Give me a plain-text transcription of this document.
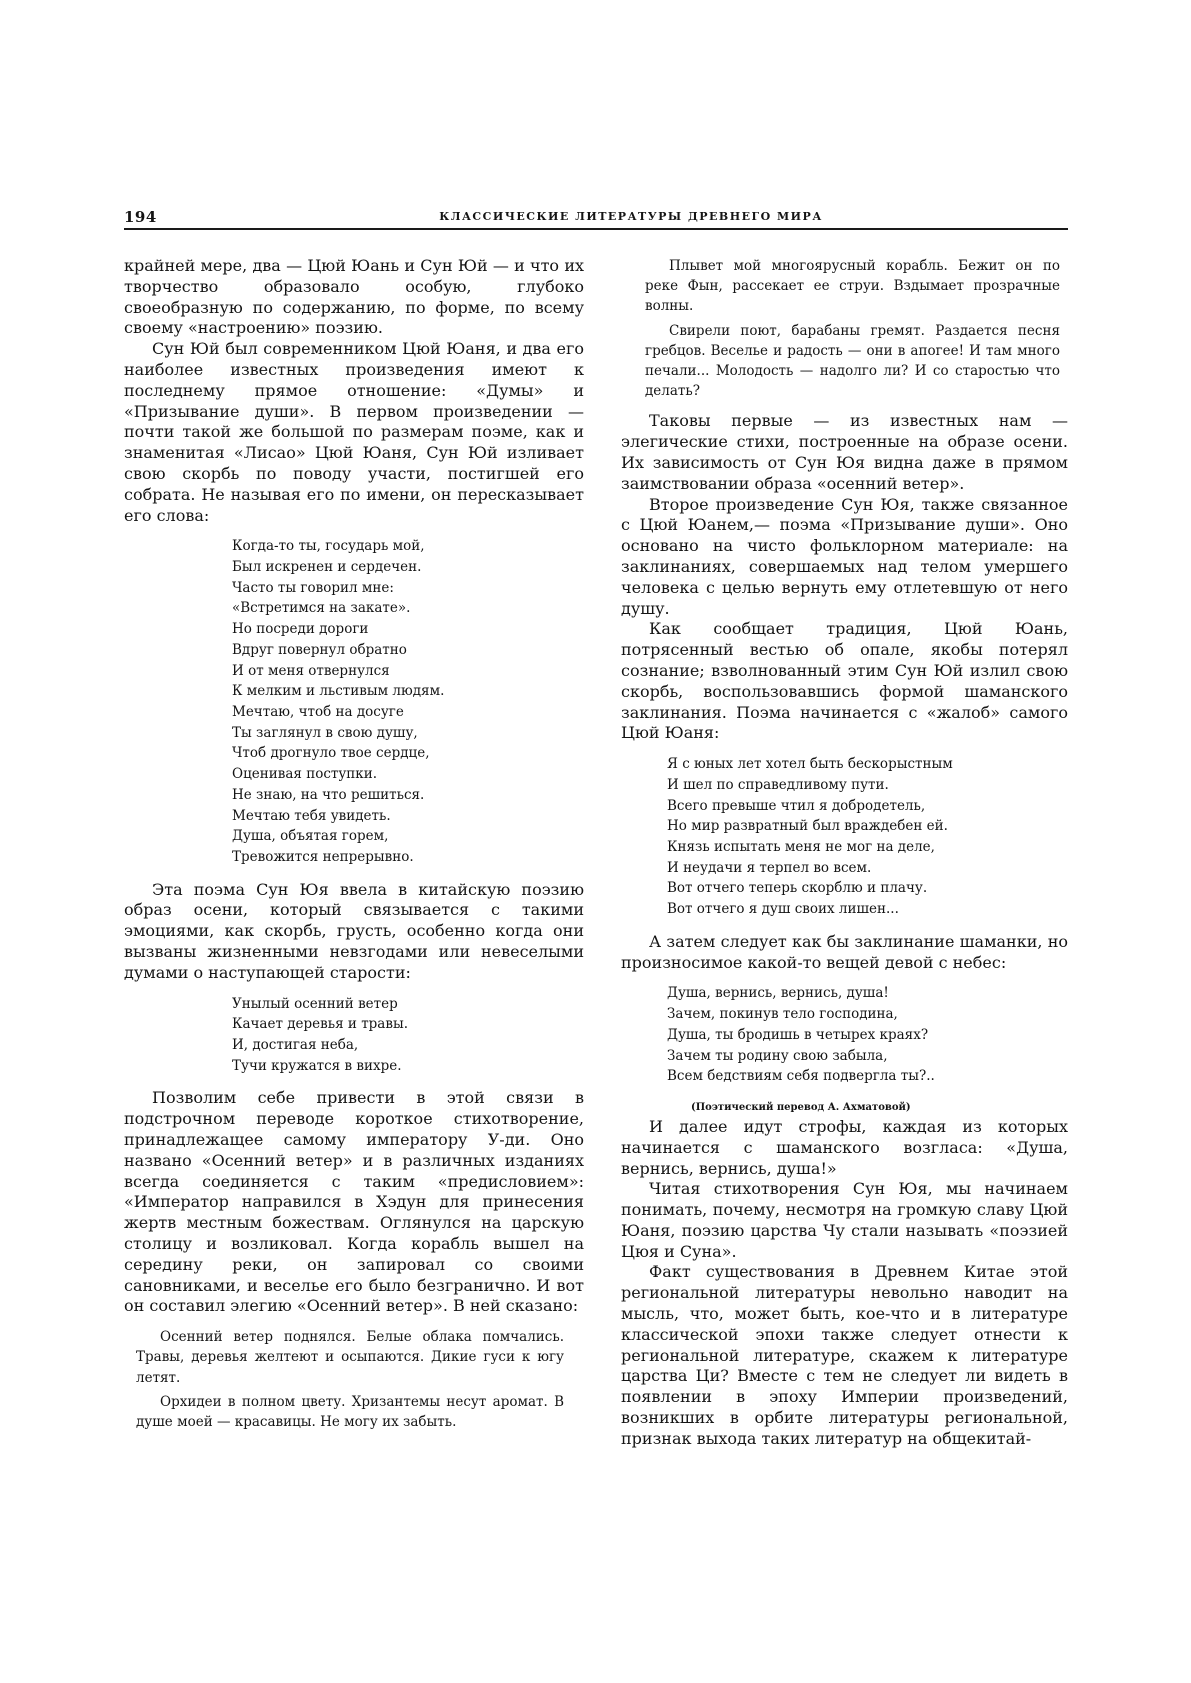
194	КЛАССИЧЕСКИЕ ЛИТЕРАТУРЫ ДРЕВНЕГО МИРА

крайней мере, два — Цюй Юань и Сун Юй — и что их творчество образовало особую, глубоко своеобразную по содержанию, по форме, по всему своему «настроению» поэзию.

Сун Юй был современником Цюй Юаня, и два его наиболее известных произведения имеют к последнему прямое отношение: «Думы» и «Призывание души». В первом произведении — почти такой же большой по размерам поэме, как и знаменитая «Лисао» Цюй Юаня, Сун Юй изливает свою скорбь по поводу участи, постигшей его собрата. Не называя его по имени, он пересказывает его слова:

Когда-то ты, государь мой,
Был искренен и сердечен.
Часто ты говорил мне:
«Встретимся на закате».
Но посреди дороги
Вдруг повернул обратно
И от меня отвернулся
К мелким и льстивым людям.
Мечтаю, чтоб на досуге
Ты заглянул в свою душу,
Чтоб дрогнуло твое сердце,
Оценивая поступки.
Не знаю, на что решиться.
Мечтаю тебя увидеть.
Душа, объятая горем,
Тревожится непрерывно.

Эта поэма Сун Юя ввела в китайскую поэзию образ осени, который связывается с такими эмоциями, как скорбь, грусть, особенно когда они вызваны жизненными невзгодами или невеселыми думами о наступающей старости:

Унылый осенний ветер
Качает деревья и травы.
И, достигая неба,
Тучи кружатся в вихре.

Позволим себе привести в этой связи в подстрочном переводе короткое стихотворение, принадлежащее самому императору У-ди. Оно названо «Осенний ветер» и в различных изданиях всегда соединяется с таким «предисловием»: «Император направился в Хэдун для принесения жертв местным божествам. Оглянулся на царскую столицу и возликовал. Когда корабль вышел на середину реки, он запировал со своими сановниками, и веселье его было безгранично. И вот он составил элегию «Осенний ветер». В ней сказано:

Осенний ветер поднялся. Белые облака помчались. Травы, деревья желтеют и осыпаются. Дикие гуси к югу летят.

Орхидеи в полном цвету. Хризантемы несут аромат. В душе моей — красавицы. Не могу их забыть.

Плывет мой многоярусный корабль. Бежит он по реке Фын, рассекает ее струи. Вздымает прозрачные волны.

Свирели поют, барабаны гремят. Раздается песня гребцов. Веселье и радость — они в апогее! И там много печали... Молодость — надолго ли? И со старостью что делать?

Таковы первые — из известных нам — элегические стихи, построенные на образе осени. Их зависимость от Сун Юя видна даже в прямом заимствовании образа «осенний ветер».

Второе произведение Сун Юя, также связанное с Цюй Юанем,— поэма «Призывание души». Оно основано на чисто фольклорном материале: на заклинаниях, совершаемых над телом умершего человека с целью вернуть ему отлетевшую от него душу.

Как сообщает традиция, Цюй Юань, потрясенный вестью об опале, якобы потерял сознание; взволнованный этим Сун Юй излил свою скорбь, воспользовавшись формой шаманского заклинания. Поэма начинается с «жалоб» самого Цюй Юаня:

Я с юных лет хотел быть бескорыстным
И шел по справедливому пути.
Всего превыше чтил я добродетель,
Но мир развратный был враждебен ей.
Князь испытать меня не мог на деле,
И неудачи я терпел во всем.
Вот отчего теперь скорблю и плачу.
Вот отчего я душ своих лишен...

А затем следует как бы заклинание шаманки, но произносимое какой-то вещей девой с небес:

Душа, вернись, вернись, душа!
Зачем, покинув тело господина,
Душа, ты бродишь в четырех краях?
Зачем ты родину свою забыла,
Всем бедствиям себя подвергла ты?..
(Поэтический перевод А. Ахматовой)

И далее идут строфы, каждая из которых начинается с шаманского возгласа: «Душа, вернись, вернись, душа!»

Читая стихотворения Сун Юя, мы начинаем понимать, почему, несмотря на громкую славу Цюй Юаня, поэзию царства Чу стали называть «поэзией Цюя и Суна».

Факт существования в Древнем Китае этой региональной литературы невольно наводит на мысль, что, может быть, кое-что и в литературе классической эпохи также следует отнести к региональной литературе, скажем к литературе царства Ци? Вместе с тем не следует ли видеть в появлении в эпоху Империи произведений, возникших в орбите литературы региональной, признак выхода таких литератур на общекитай-
